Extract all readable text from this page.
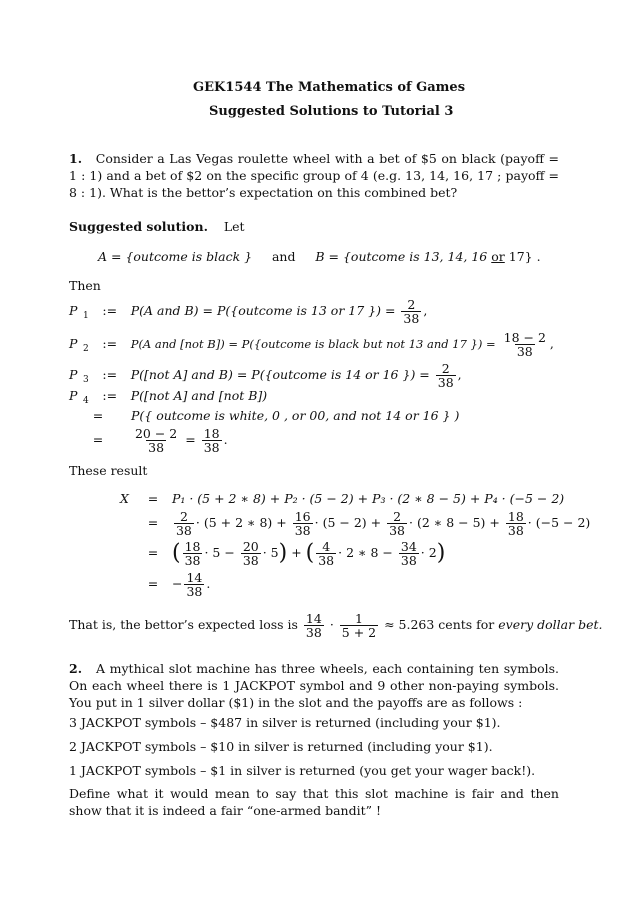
GEK1544 The Mathematics of Games
Suggested Solutions to Tutorial 3
1. Consider a Las Vegas roulette wheel with a bet of $5 on black (payoff = 1 : 1) and a bet of $2 on the specific group of 4 (e.g. 13, 14, 16, 17 ; payoff = 8 : 1). What is the bettor’s expectation on this combined bet?
Suggested solution. Let
A = {outcome is black } and B = {outcome is 13, 14, 16 or 17} .
Then
P $_1$ := P(A and B) = P({outcome is 13 or 17 }) = $\frac{2}{38}$ ,
P $_2$ := P(A and [not B]) = P({outcome is black but not 13 and 17 }) = $\frac{18 - 2}{38}$ ,
P $_3$ := P([not A] and B) = P({outcome is 14 or 16 }) = $\frac{2}{38}$ ,
P $_4$ := P([not A] and [not B])
= P({ outcome is white, 0 , or 00, and not 14 or 16 } )
= $\frac{20 - 2}{38} = \frac{18}{38}$ .
These result
X = P₁ · (5 + 2 ∗ 8) + P₂ · (5 − 2) + P₃ · (2 ∗ 8 − 5) + P₄ · (−5 − 2)
= $\frac{2}{38} \cdot (5 + 2$ ∗ $8) + \frac{16}{38} \cdot (5 - 2) + \frac{2}{38} \cdot (2$ ∗ $8 - 5) + \frac{18}{38} \cdot (-5 - 2)$
= ( $\frac{18}{38} \cdot 5 - \frac{20}{38} \cdot 5$) + ( $\frac{4}{38} \cdot 2$ ∗ $8 - \frac{34}{38} \cdot 2$)
= − $\frac{14}{38}$ .
That is, the bettor’s expected loss is $\frac{14}{38} \cdot \frac{1}{5 + 2} \approx 5.263$ cents for every dollar bet.
2. A mythical slot machine has three wheels, each containing ten symbols. On each wheel there is 1 JACKPOT symbol and 9 other non-paying symbols. You put in 1 silver dollar ($1) in the slot and the payoffs are as follows :
3 JACKPOT symbols – $487 in silver is returned (including your $1).
2 JACKPOT symbols – $10 in silver is returned (including your $1).
1 JACKPOT symbols – $1 in silver is returned (you get your wager back!).
Define what it would mean to say that this slot machine is fair and then show that it is indeed a fair “one-armed bandit” !
